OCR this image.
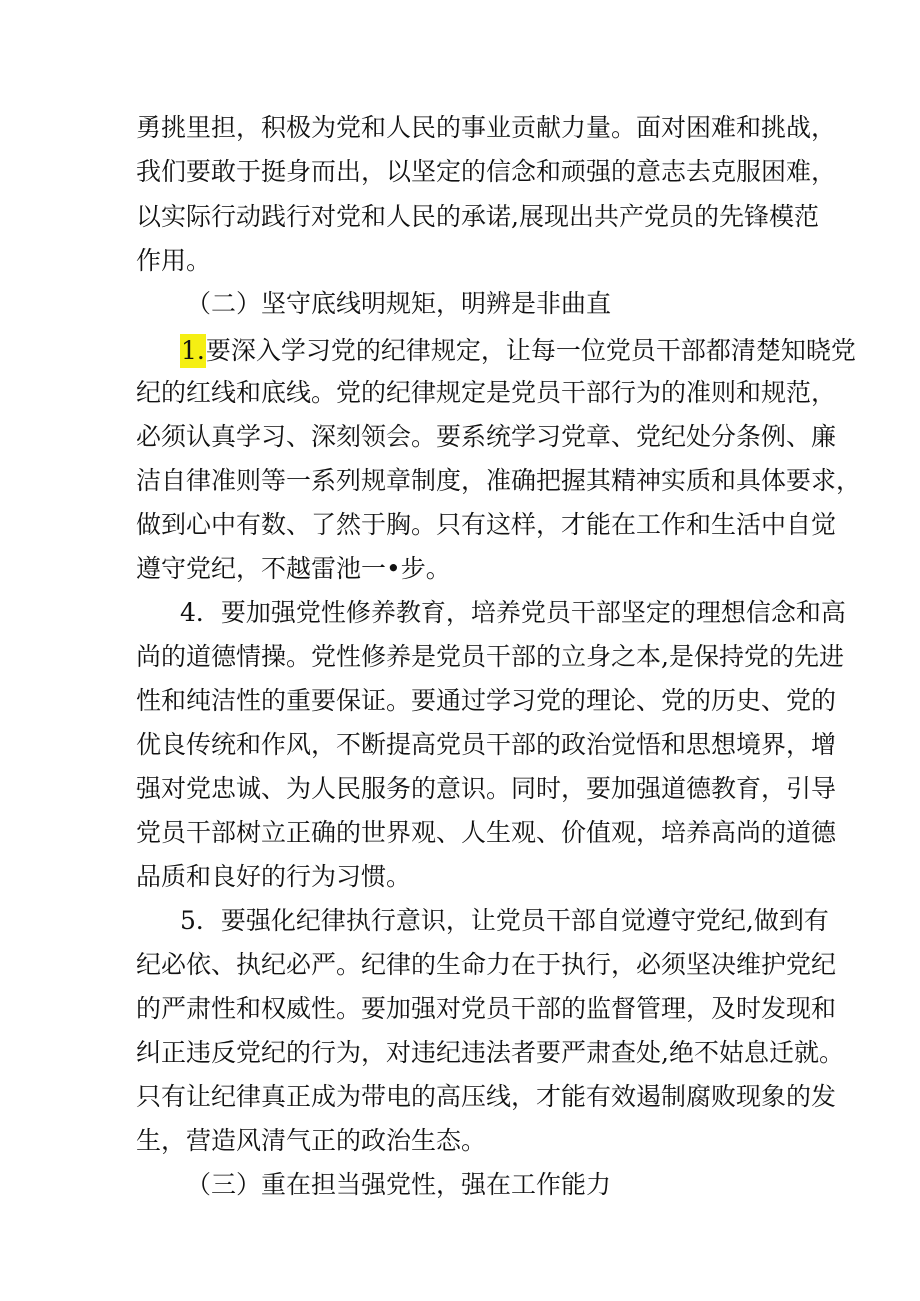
勇挑里担，积极为党和人民的事业贡献力量。面对困难和挑战，
我们要敢于挺身而出，以坚定的信念和顽强的意志去克服困难，
以实际行动践行对党和人民的承诺,展现出共产党员的先锋模范
作用。
（二）坚守底线明规矩，明辨是非曲直
1.要深入学习党的纪律规定，让每一位党员干部都清楚知晓党
纪的红线和底线。党的纪律规定是党员干部行为的准则和规范，
必须认真学习、深刻领会。要系统学习党章、党纪处分条例、廉
洁自律准则等一系列规章制度，准确把握其精神实质和具体要求，
做到心中有数、了然于胸。只有这样，才能在工作和生活中自觉
遵守党纪，不越雷池一•步。
4．要加强党性修养教育，培养党员干部坚定的理想信念和高
尚的道德情操。党性修养是党员干部的立身之本,是保持党的先进
性和纯洁性的重要保证。要通过学习党的理论、党的历史、党的
优良传统和作风，不断提高党员干部的政治觉悟和思想境界，增
强对党忠诚、为人民服务的意识。同时，要加强道德教育，引导
党员干部树立正确的世界观、人生观、价值观，培养高尚的道德
品质和良好的行为习惯。
5．要强化纪律执行意识，让党员干部自觉遵守党纪,做到有
纪必依、执纪必严。纪律的生命力在于执行，必须坚决维护党纪
的严肃性和权威性。要加强对党员干部的监督管理，及时发现和
纠正违反党纪的行为，对违纪违法者要严肃查处,绝不姑息迁就。
只有让纪律真正成为带电的高压线，才能有效遏制腐败现象的发
生，营造风清气正的政治生态。
（三）重在担当强党性，强在工作能力
